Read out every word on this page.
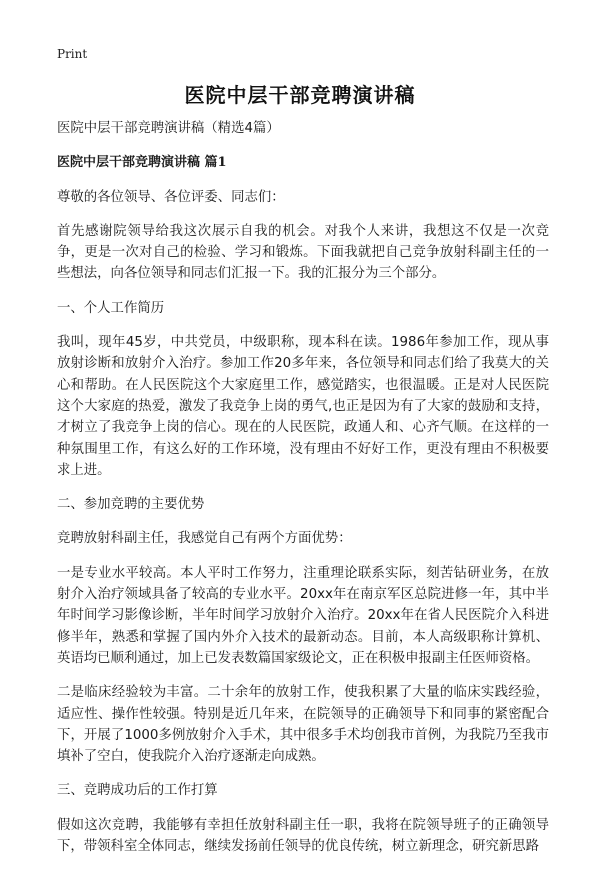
Print
医院中层干部竞聘演讲稿

医院中层干部竞聘演讲稿（精选4篇）

医院中层干部竞聘演讲稿 篇1

尊敬的各位领导、各位评委、同志们：

首先感谢院领导给我这次展示自我的机会。对我个人来讲，我想这不仅是一次竞争，更是一次对自己的检验、学习和锻炼。下面我就把自己竞争放射科副主任的一些想法，向各位领导和同志们汇报一下。我的汇报分为三个部分。

一、个人工作简历

我叫，现年45岁，中共党员，中级职称，现本科在读。1986年参加工作，现从事放射诊断和放射介入治疗。参加工作20多年来，各位领导和同志们给了我莫大的关心和帮助。在人民医院这个大家庭里工作，感觉踏实，也很温暖。正是对人民医院这个大家庭的热爱，激发了我竞争上岗的勇气,也正是因为有了大家的鼓励和支持，才树立了我竞争上岗的信心。现在的人民医院，政通人和、心齐气顺。在这样的一种氛围里工作，有这么好的工作环境，没有理由不好好工作，更没有理由不积极要求上进。

二、参加竞聘的主要优势

竞聘放射科副主任，我感觉自己有两个方面优势：

一是专业水平较高。本人平时工作努力，注重理论联系实际，刻苦钻研业务，在放射介入治疗领域具备了较高的专业水平。20xx年在南京军区总院进修一年，其中半年时间学习影像诊断，半年时间学习放射介入治疗。20xx年在省人民医院介入科进修半年，熟悉和掌握了国内外介入技术的最新动态。目前，本人高级职称计算机、英语均已顺利通过，加上已发表数篇国家级论文，正在积极申报副主任医师资格。

二是临床经验较为丰富。二十余年的放射工作，使我积累了大量的临床实践经验，适应性、操作性较强。特别是近几年来，在院领导的正确领导下和同事的紧密配合下，开展了1000多例放射介入手术，其中很多手术均创我市首例，为我院乃至我市填补了空白，使我院介入治疗逐渐走向成熟。

三、竞聘成功后的工作打算

假如这次竞聘，我能够有幸担任放射科副主任一职，我将在院领导班子的正确领导下，带领科室全体同志，继续发扬前任领导的优良传统，树立新理念，研究新思路
